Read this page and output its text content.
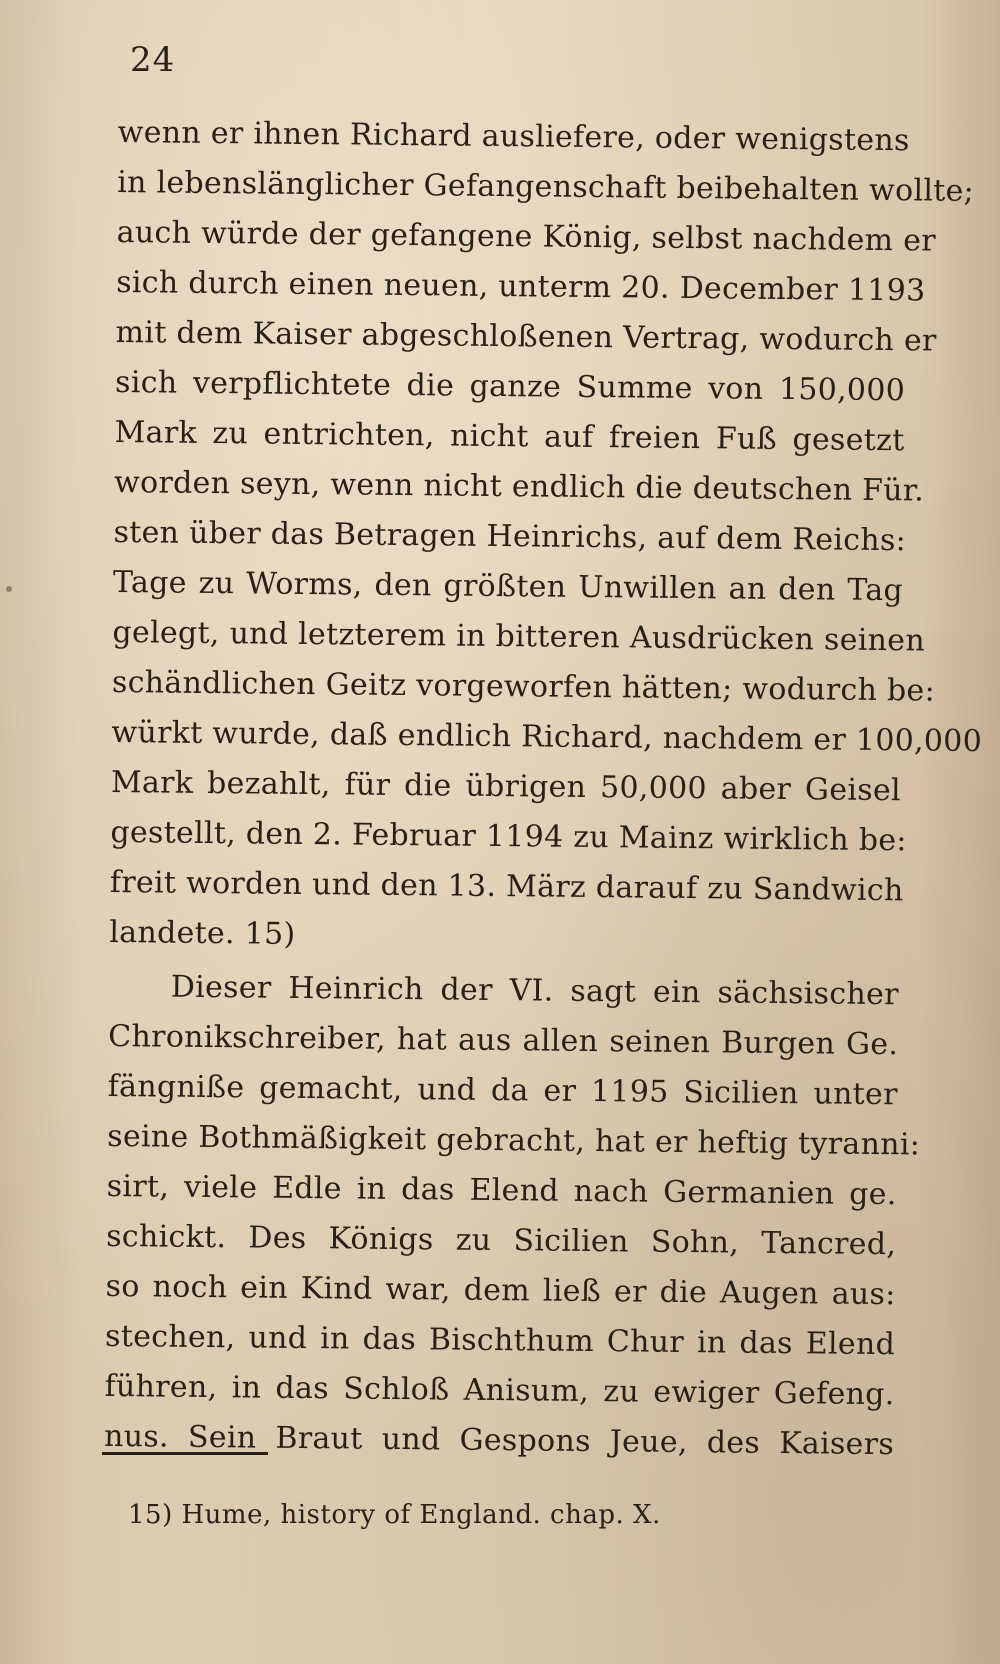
24
wenn er ihnen Richard ausliefere, oder wenigstens
in lebenslänglicher Gefangenschaft beibehalten wollte;
auch würde der gefangene König, selbst nachdem er
sich durch einen neuen, unterm 20. December 1193
mit dem Kaiser abgeschloßenen Vertrag, wodurch er
sich verpflichtete die ganze Summe von 150,000
Mark zu entrichten, nicht auf freien Fuß gesetzt
worden seyn, wenn nicht endlich die deutschen Für.
sten über das Betragen Heinrichs, auf dem Reichs:
Tage zu Worms, den größten Unwillen an den Tag
gelegt, und letzterem in bitteren Ausdrücken seinen
schändlichen Geitz vorgeworfen hätten; wodurch be:
würkt wurde, daß endlich Richard, nachdem er 100,000
Mark bezahlt, für die übrigen 50,000 aber Geisel
gestellt, den 2. Februar 1194 zu Mainz wirklich be:
freit worden und den 13. März darauf zu Sandwich
landete. 15)
Dieser Heinrich der VI. sagt ein sächsischer
Chronikschreiber, hat aus allen seinen Burgen Ge.
fängniße gemacht, und da er 1195 Sicilien unter
seine Bothmäßigkeit gebracht, hat er heftig tyranni:
sirt, viele Edle in das Elend nach Germanien ge.
schickt. Des Königs zu Sicilien Sohn, Tancred,
so noch ein Kind war, dem ließ er die Augen aus:
stechen, und in das Bischthum Chur in das Elend
führen, in das Schloß Anisum, zu ewiger Gefeng.
nus. Sein Braut und Gespons Jeue, des Kaisers
15) Hume, history of England. chap. X.
